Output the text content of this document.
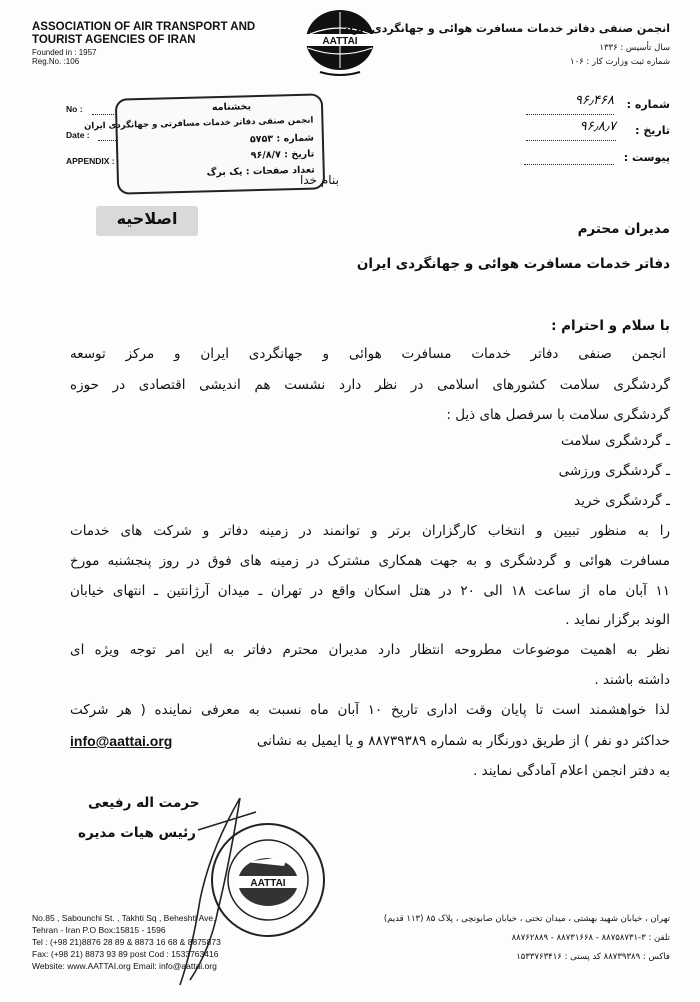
ASSOCIATION OF AIR TRANSPORT AND
TOURIST AGENCIES OF IRAN
Founded in : 1957
Reg.No. :106
AATTAI
انجمن صنفی دفاتر خدمات مسافرت هوائی و جهانگردی ایران
سال تأسیس : ۱۳۳۶
شماره ثبت وزارت کار : ۱۰۶
No :
Date :
APPENDIX :
بخشنامه
انجمن صنفی دفاتر خدمات مسافرتی و جهانگردی ایران
شماره : ۵۷۵۳
تاریخ : ۹۶/۸/۷
تعداد صفحات : یک برگ
شماره :
۹۶٫۴۶۸
تاریخ :
۹۶٫۸٫۷
پیوست :
بنام خدا
اصلاحیه
مدیران محترم
دفاتر خدمات مسافرت هوائی و جهانگردی ایران
با سلام و احترام :
انجمن صنفی دفاتر خدمات مسافرت هوائی و جهانگردی ایران و مرکز توسعه
گردشگری سلامت کشورهای اسلامی در نظر دارد نشست هم اندیشی اقتصادی در حوزه
گردشگری سلامت با سرفصل های ذیل :
ـ گردشگری سلامت
ـ گردشگری ورزشی
ـ گردشگری خرید
را به منظور تبیین و انتخاب کارگزاران برتر و توانمند در زمینه دفاتر و شرکت های خدمات
مسافرت هوائی و گردشگری و به جهت همکاری مشترک در زمینه های فوق در روز پنجشنبه مورخ
۱۱ آبان ماه از ساعت ۱۸ الی ۲۰ در هتل اسکان واقع در تهران ـ میدان آرژانتین ـ انتهای خیابان
الوند برگزار نماید .
نظر به اهمیت موضوعات مطروحه انتظار دارد مدیران محترم دفاتر به این امر توجه ویژه ای
داشته باشند .
لذا خواهشمند است تا پایان وقت اداری تاریخ ۱۰ آبان ماه نسبت به معرفی نماینده ( هر شرکت
حداکثر دو نفر ) از طریق دورنگار به شماره ۸۸۷۳۹۳۸۹ و یا ایمیل به نشانی
info@aattai.org
به دفتر انجمن اعلام آمادگی نمایند .
حرمت اله رفیعی
رئیس هیات مدیره
AATTAI
No.85 , Sabounchi St. , Takhti Sq , Beheshti Ave.
Tehran - Iran P.O Box:15815 - 1596
Tel : (+98 21)8876 28 89 & 8873 16 68 & 8875873
Fax: (+98 21) 8873 93 89 post Cod : 1533763416
Website: www.AATTAI.org Email: info@aattai.org
تهران ، خیابان شهید بهشتی ، میدان تختی ، خیابان صابونچی ، پلاک ۸۵ (۱۱۳ قدیم)
تلفن : ۳-۸۸۷۵۸۷۳۱ - ۸۸۷۳۱۶۶۸ - ۸۸۷۶۲۸۸۹
فاکس : ۸۸۷۳۹۳۸۹ کد پستی : ۱۵۳۳۷۶۳۴۱۶
